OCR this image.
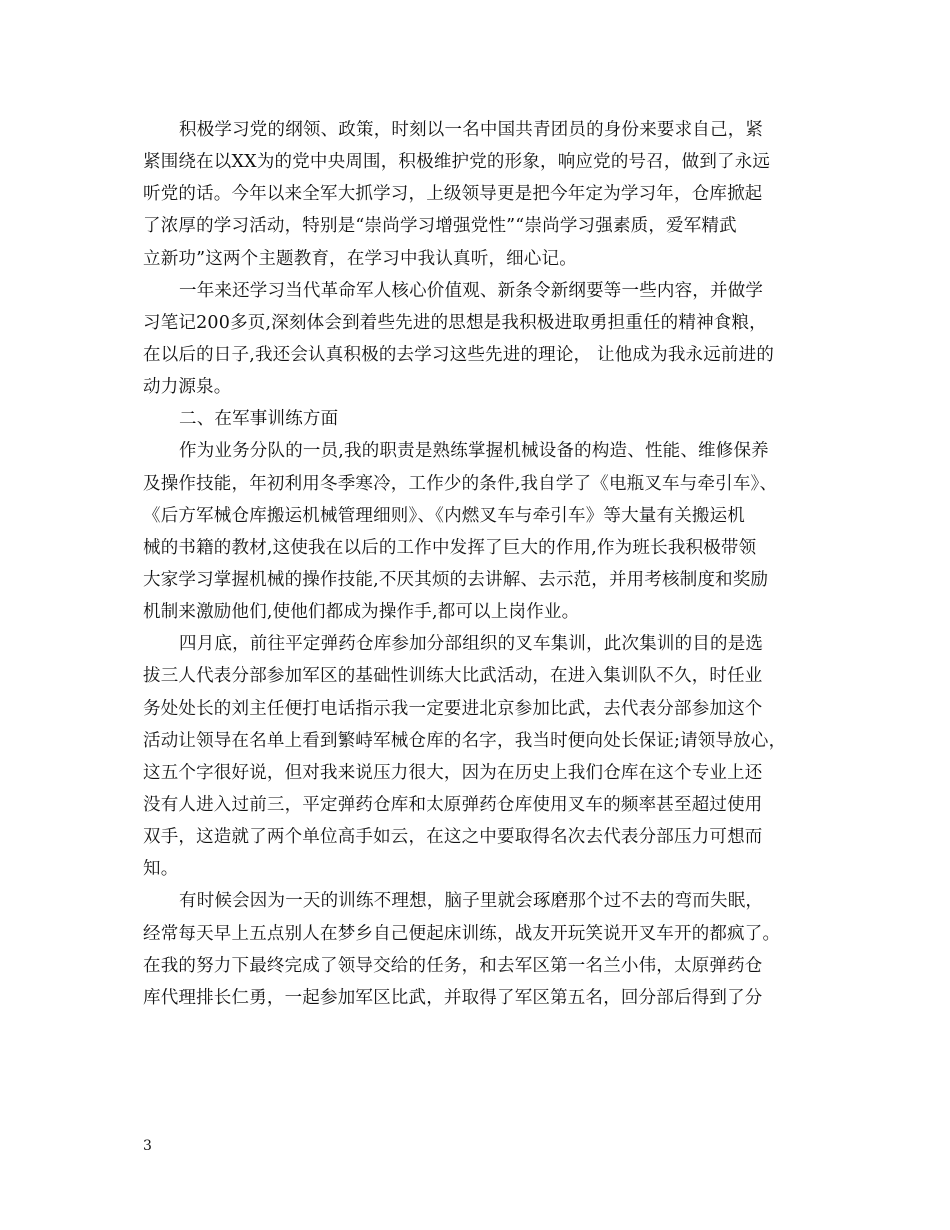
积极学习党的纲领、政策，时刻以一名中国共青团员的身份来要求自己，紧
紧围绕在以XX为的党中央周围，积极维护党的形象，响应党的号召，做到了永远
听党的话。今年以来全军大抓学习，上级领导更是把今年定为学习年，仓库掀起
了浓厚的学习活动，特别是“崇尚学习增强党性”“崇尚学习强素质，爱军精武
立新功”这两个主题教育，在学习中我认真听，细心记。
一年来还学习当代革命军人核心价值观、新条令新纲要等一些内容，并做学
习笔记200多页,深刻体会到着些先进的思想是我积极进取勇担重任的精神食粮，
在以后的日子,我还会认真积极的去学习这些先进的理论， 让他成为我永远前进的
动力源泉。
二、在军事训练方面
作为业务分队的一员,我的职责是熟练掌握机械设备的构造、性能、维修保养
及操作技能，年初利用冬季寒冷，工作少的条件,我自学了《电瓶叉车与牵引车》、
《后方军械仓库搬运机械管理细则》、《内燃叉车与牵引车》等大量有关搬运机
械的书籍的教材,这使我在以后的工作中发挥了巨大的作用,作为班长我积极带领
大家学习掌握机械的操作技能,不厌其烦的去讲解、去示范，并用考核制度和奖励
机制来激励他们,使他们都成为操作手,都可以上岗作业。
四月底，前往平定弹药仓库参加分部组织的叉车集训，此次集训的目的是选
拔三人代表分部参加军区的基础性训练大比武活动，在进入集训队不久，时任业
务处处长的刘主任便打电话指示我一定要进北京参加比武，去代表分部参加这个
活动让领导在名单上看到繁峙军械仓库的名字，我当时便向处长保证;请领导放心，
这五个字很好说，但对我来说压力很大，因为在历史上我们仓库在这个专业上还
没有人进入过前三，平定弹药仓库和太原弹药仓库使用叉车的频率甚至超过使用
双手，这造就了两个单位高手如云，在这之中要取得名次去代表分部压力可想而
知。
有时候会因为一天的训练不理想，脑子里就会琢磨那个过不去的弯而失眠，
经常每天早上五点别人在梦乡自己便起床训练，战友开玩笑说开叉车开的都疯了。
在我的努力下最终完成了领导交给的任务，和去军区第一名兰小伟，太原弹药仓
库代理排长仁勇，一起参加军区比武，并取得了军区第五名，回分部后得到了分
3
